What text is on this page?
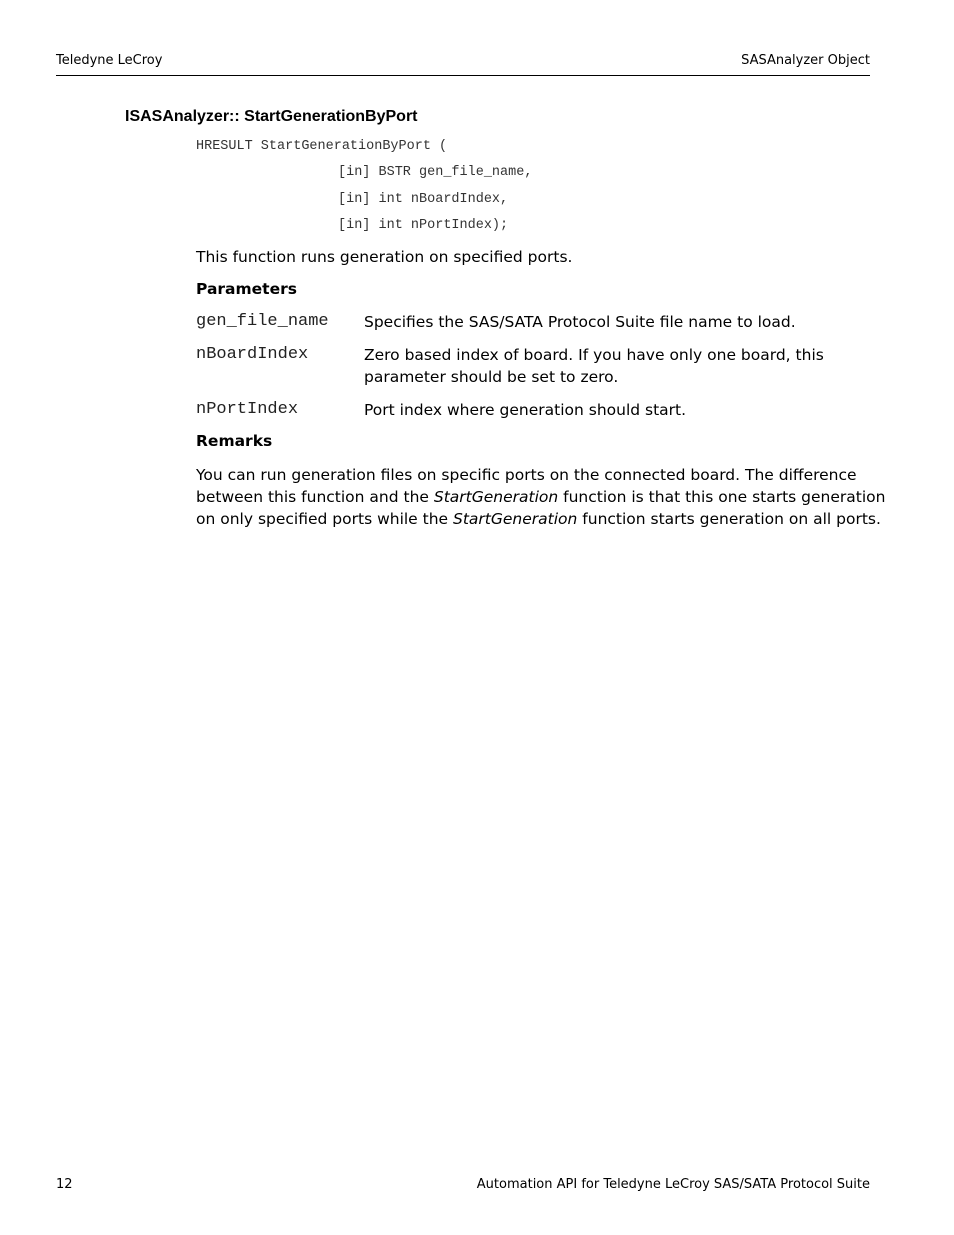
Teledyne LeCroy	SASAnalyzer Object
ISASAnalyzer:: StartGenerationByPort
HRESULT StartGenerationByPort (
[in] BSTR gen_file_name,
[in] int nBoardIndex,
[in] int nPortIndex);
This function runs generation on specified ports.
Parameters
gen_file_name Specifies the SAS/SATA Protocol Suite file name to load.
nBoardIndex	Zero based index of board. If you have only one board, this
parameter should be set to zero.
nPortIndex	Port index where generation should start.
Remarks
You can run generation files on specific ports on the connected board. The difference
between this function and the StartGeneration function is that this one starts generation
on only specified ports while the StartGeneration function starts generation on all ports.
12	Automation API for Teledyne LeCroy SAS/SATA Protocol Suite
